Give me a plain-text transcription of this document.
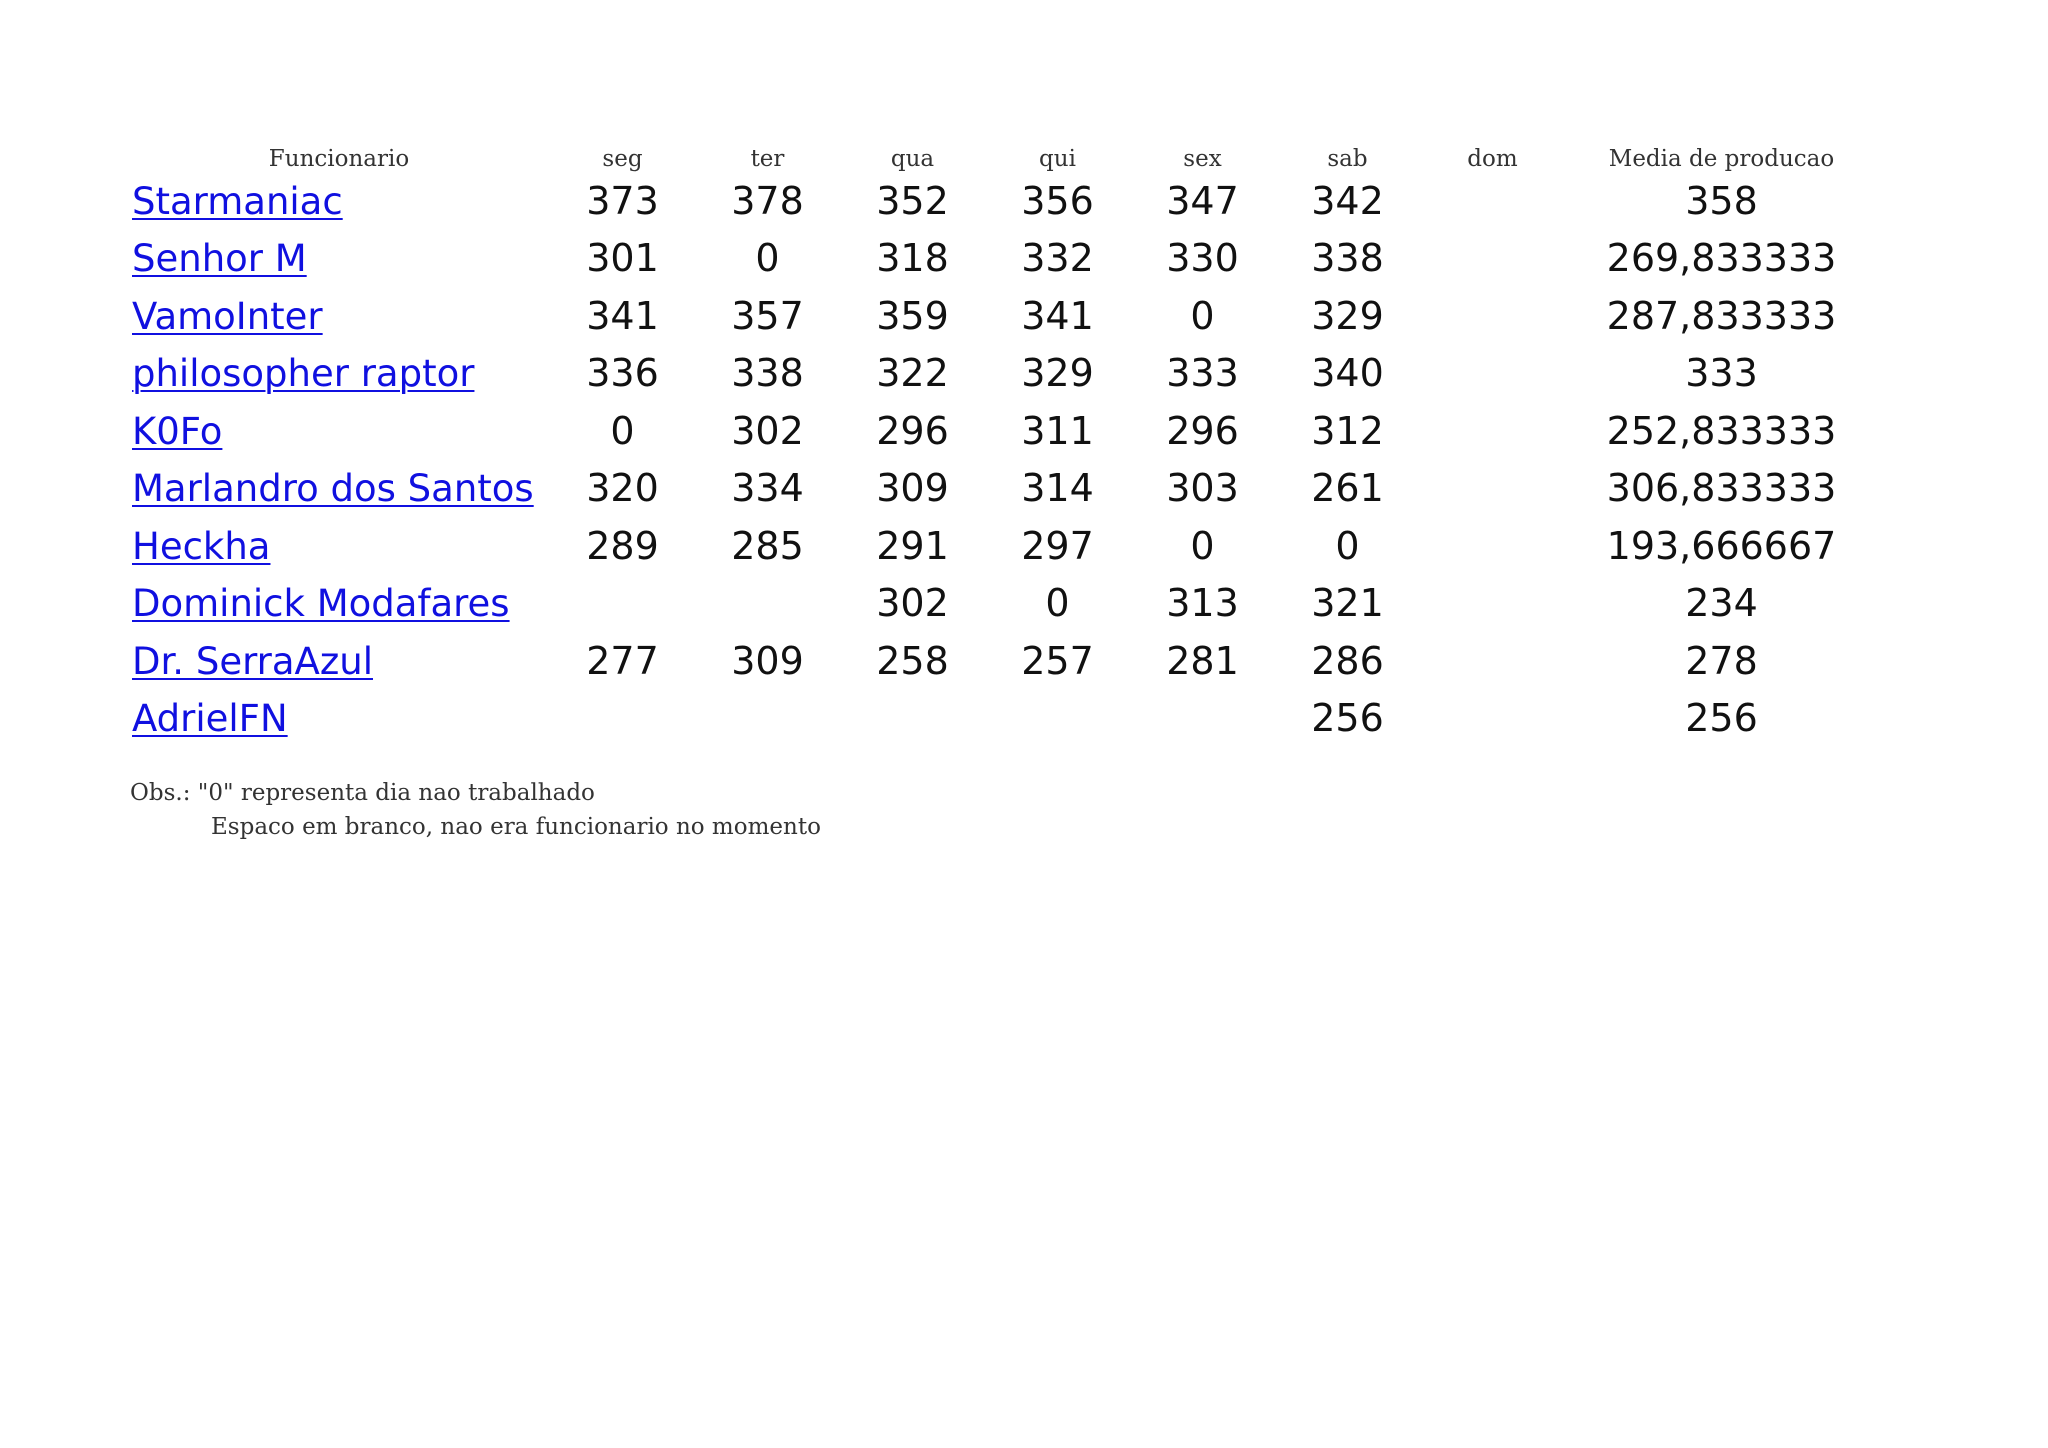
Funcionario	seg	ter	qua	qui	sex	sab	dom	Media de producao
Starmaniac	373	378	352	356	347	342		358
Senhor M	301	0	318	332	330	338		269,833333
VamoInter	341	357	359	341	0	329		287,833333
philosopher raptor	336	338	322	329	333	340		333
K0Fo	0	302	296	311	296	312		252,833333
Marlandro dos Santos	320	334	309	314	303	261		306,833333
Heckha	289	285	291	297	0	0		193,666667
Dominick Modafares			302	0	313	321		234
Dr. SerraAzul	277	309	258	257	281	286		278
AdrielFN						256		256
Obs.: "0" representa dia nao trabalhado
Espaco em branco, nao era funcionario no momento
